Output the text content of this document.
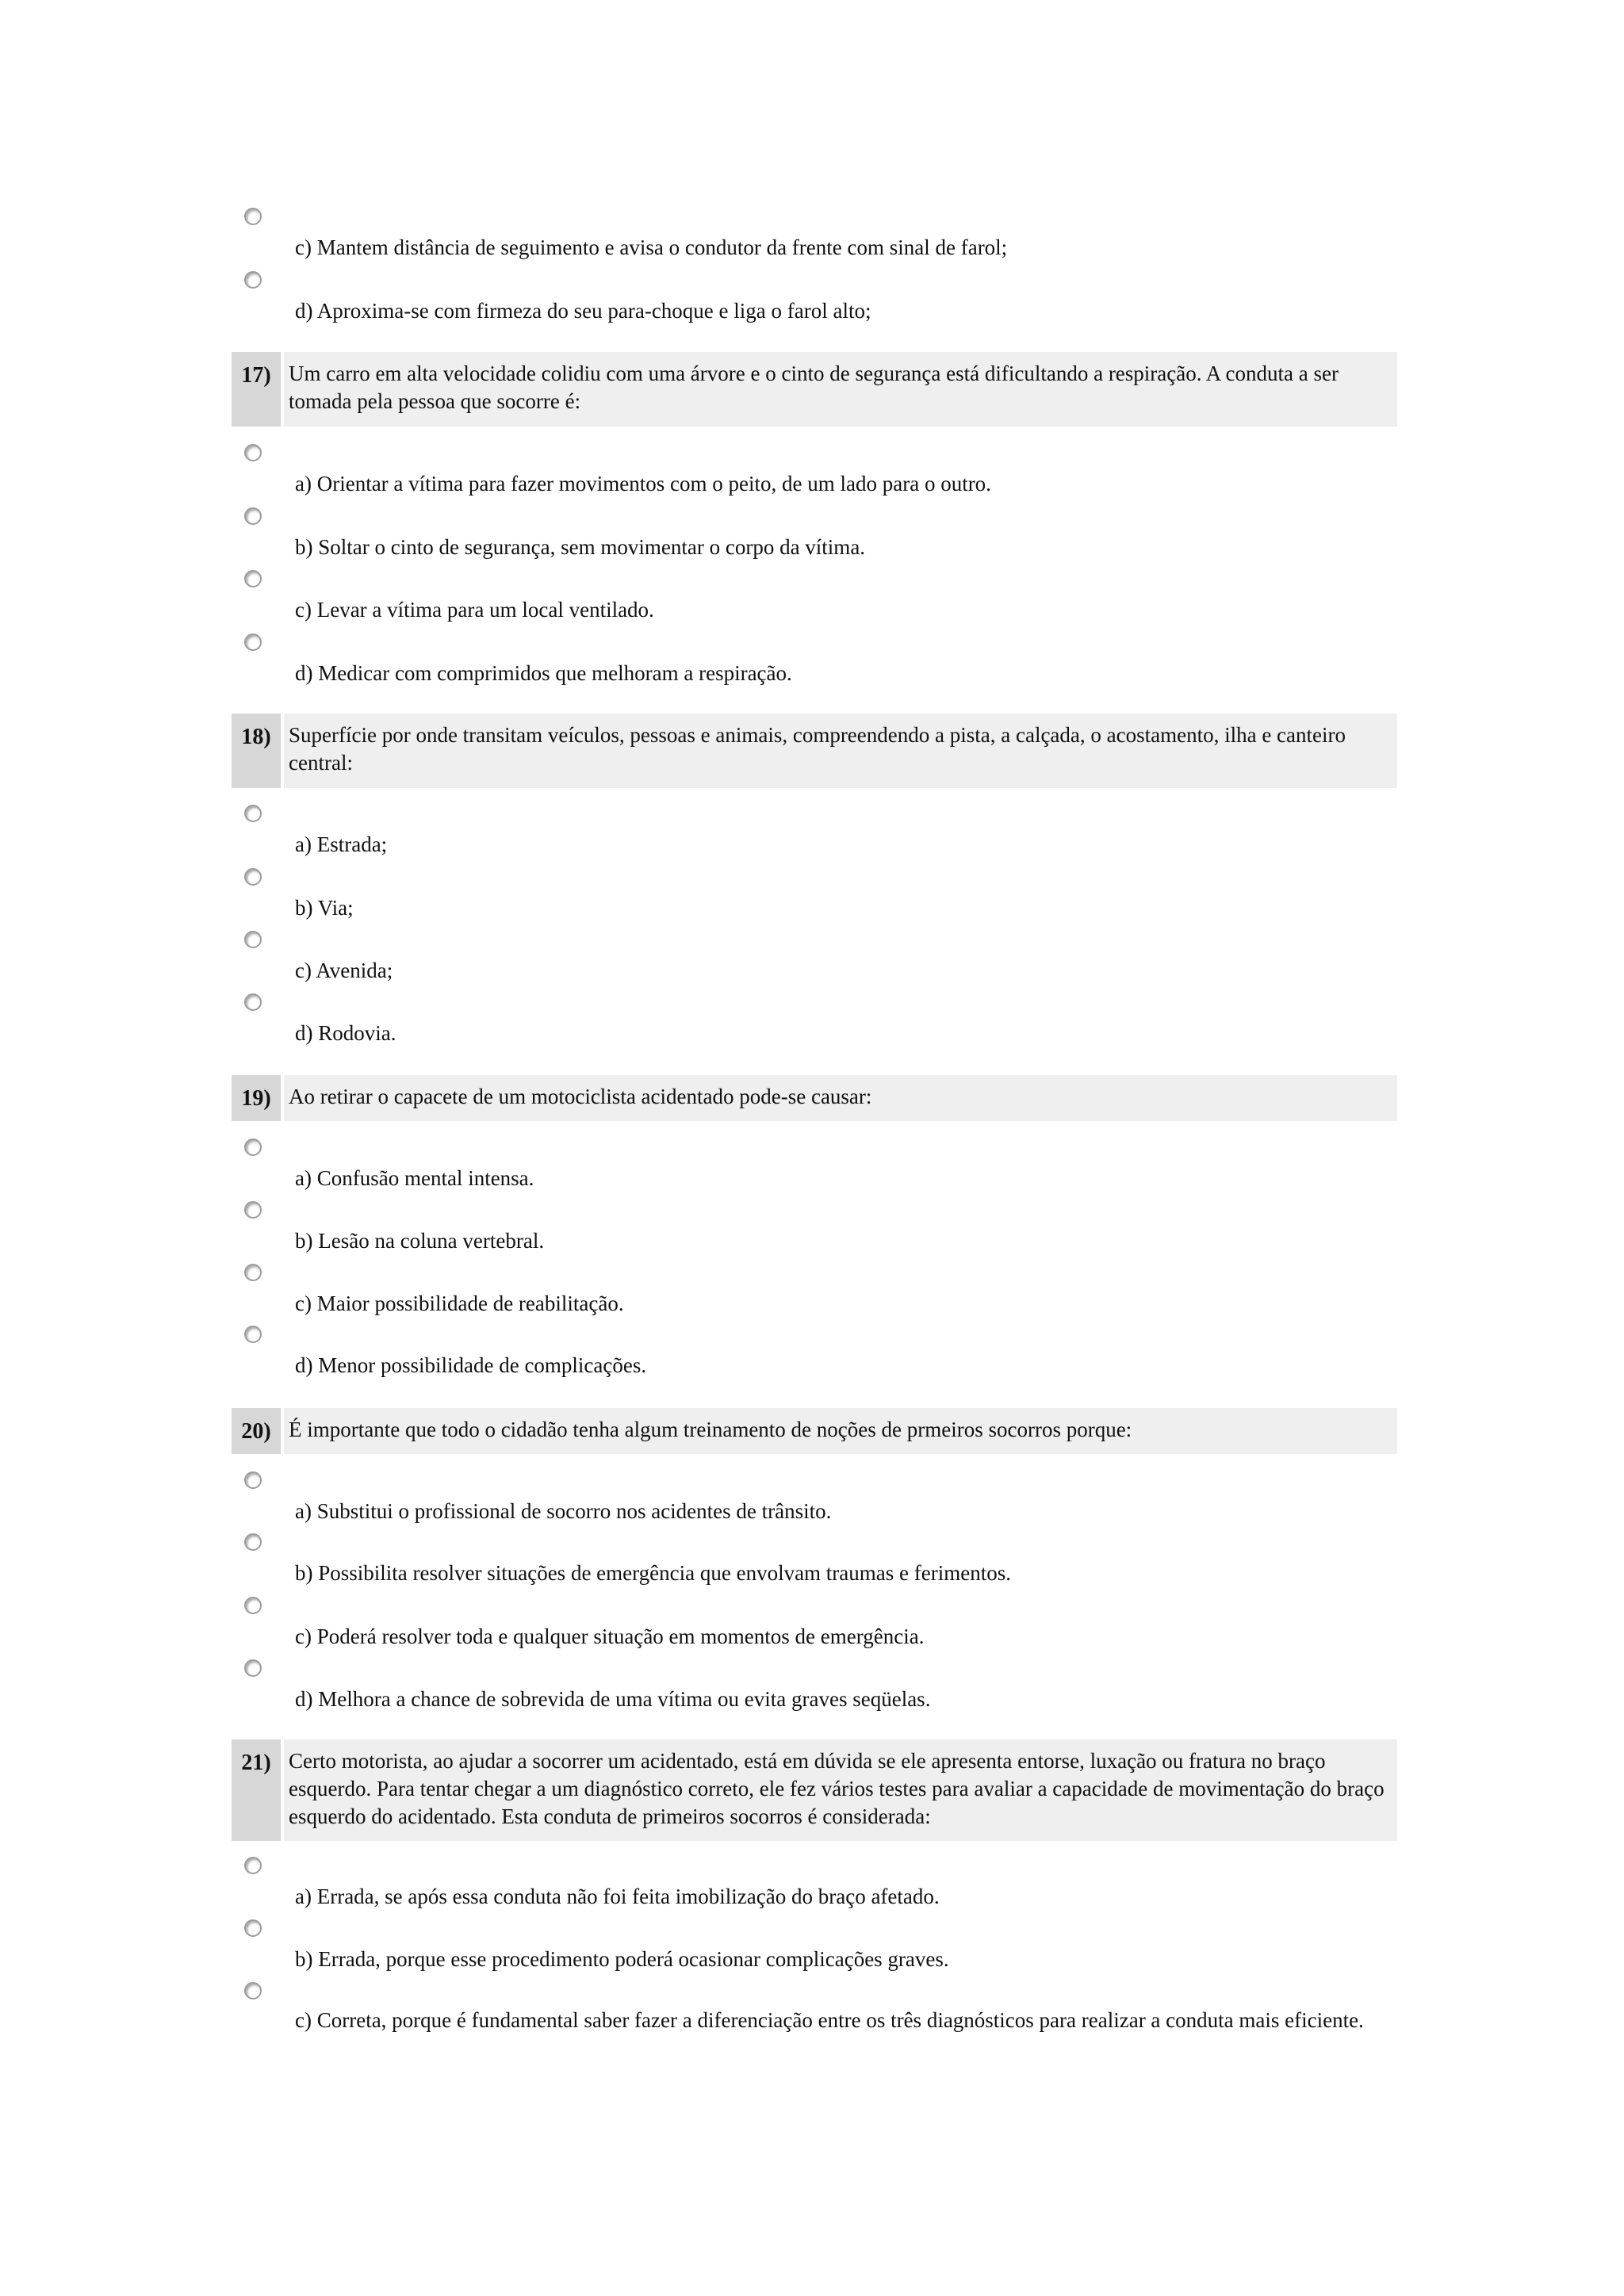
c) Mantem distância de seguimento e avisa o condutor da frente com sinal de farol;
d) Aproxima-se com firmeza do seu para-choque e liga o farol alto;
17) Um carro em alta velocidade colidiu com uma árvore e o cinto de segurança está dificultando a respiração. A conduta a ser tomada pela pessoa que socorre é:
a) Orientar a vítima para fazer movimentos com o peito, de um lado para o outro.
b) Soltar o cinto de segurança, sem movimentar o corpo da vítima.
c) Levar a vítima para um local ventilado.
d) Medicar com comprimidos que melhoram a respiração.
18) Superfície por onde transitam veículos, pessoas e animais, compreendendo a pista, a calçada, o acostamento, ilha e canteiro central:
a) Estrada;
b) Via;
c) Avenida;
d) Rodovia.
19) Ao retirar o capacete de um motociclista acidentado pode-se causar:
a) Confusão mental intensa.
b) Lesão na coluna vertebral.
c) Maior possibilidade de reabilitação.
d) Menor possibilidade de complicações.
20) É importante que todo o cidadão tenha algum treinamento de noções de prmeiros socorros porque:
a) Substitui o profissional de socorro nos acidentes de trânsito.
b) Possibilita resolver situações de emergência que envolvam traumas e ferimentos.
c) Poderá resolver toda e qualquer situação em momentos de emergência.
d) Melhora a chance de sobrevida de uma vítima ou evita graves seqüelas.
21) Certo motorista, ao ajudar a socorrer um acidentado, está em dúvida se ele apresenta entorse, luxação ou fratura no braço esquerdo. Para tentar chegar a um diagnóstico correto, ele fez vários testes para avaliar a capacidade de movimentação do braço esquerdo do acidentado. Esta conduta de primeiros socorros é considerada:
a) Errada, se após essa conduta não foi feita imobilização do braço afetado.
b) Errada, porque esse procedimento poderá ocasionar complicações graves.
c) Correta, porque é fundamental saber fazer a diferenciação entre os três diagnósticos para realizar a conduta mais eficiente.
